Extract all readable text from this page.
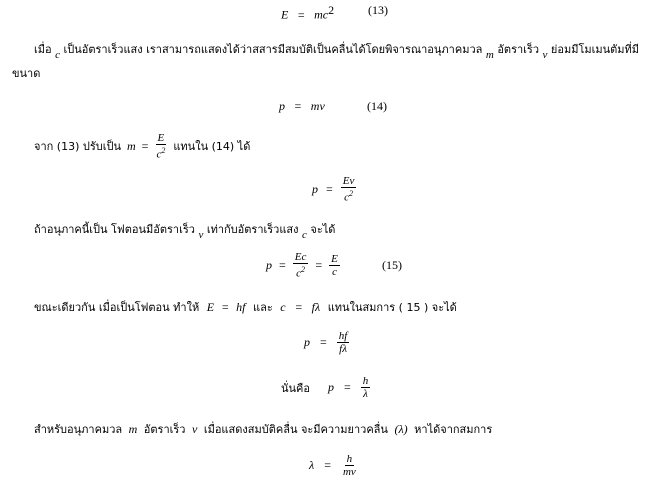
$E = mc^2$	(13)
เมื่อ c เป็นอัตราเร็วแสง เราสามารถแสดงได้ว่าสสารมีสมบัติเป็นคลื่นได้โดยพิจารณาอนุภาคมวล m อัตราเร็ว v ย่อมมีโมเมนตัมที่มี
ขนาด
p = mv	(14)
จาก (13) ปรับเป็น $m = \frac{E}{c^2}$ แทนใน (14) ได้
$p = \frac{Ev}{c^2}$
ถ้าอนุภาคนี้เป็น โฟตอนมีอัตราเร็ว v เท่ากับอัตราเร็วแสง c จะได้
$p = \frac{Ec}{c^2} = \frac{E}{c}$	(15)
ขณะเดียวกัน เมื่อเป็นโฟตอน ทำให้ E = hf และ c = fλ แทนในสมการ ( 15 ) จะได้
$p = \frac{hf}{f\lambda}$
นั่นคือ $p = \frac{h}{\lambda}$
สำหรับอนุภาคมวล m อัตราเร็ว v เมื่อแสดงสมบัติคลื่น จะมีความยาวคลื่น (λ) หาได้จากสมการ
$\lambda = \frac{h}{mv}$
